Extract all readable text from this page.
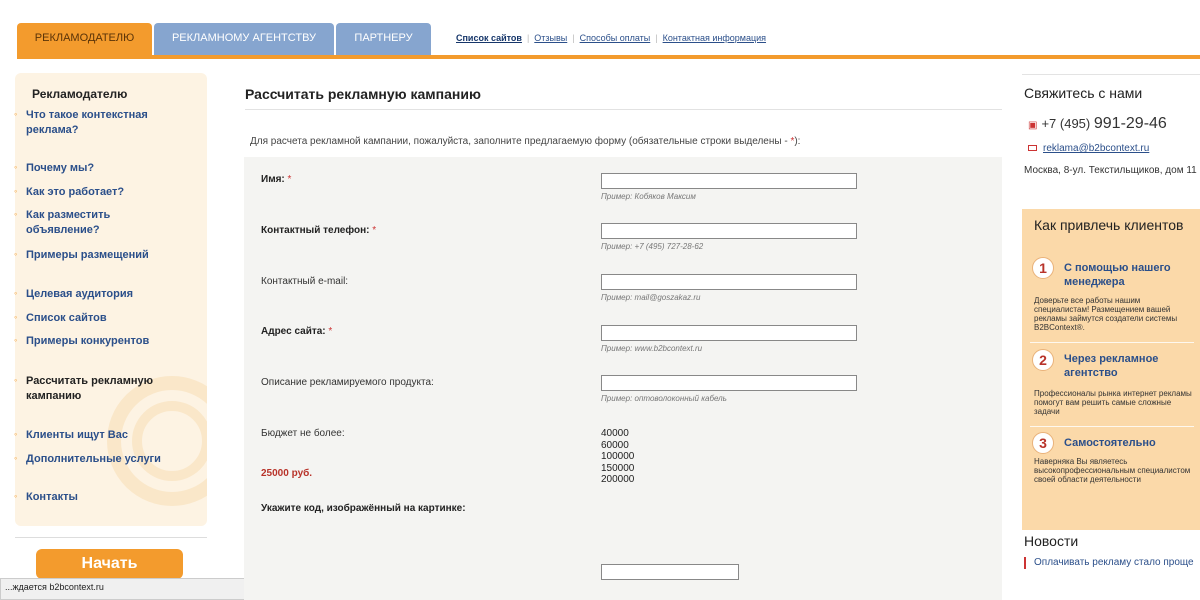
РЕКЛАМОДАТЕЛЮ	РЕКЛАМНОМУ АГЕНТСТВУ	ПАРТНЕРУ	Список сайтов | Отзывы | Способы оплаты | Контактная информация
Рекламодателю
◦ Что такое контекстная реклама?
◦ Почему мы?
◦ Как это работает?
◦ Как разместить объявление?
◦ Примеры размещений
◦ Целевая аудитория
◦ Список сайтов
◦ Примеры конкурентов
◦ Рассчитать рекламную кампанию
◦ Клиенты ищут Вас
◦ Дополнительные услуги
◦ Контакты
Начать
...ждается b2bcontext.ru
Рассчитать рекламную кампанию
Для расчета рекламной кампании, пожалуйста, заполните предлагаемую форму (обязательные строки выделены - *):
Имя: *
Пример: Кобяков Максим
Контактный телефон: *
Пример: +7 (495) 727-28-62
Контактный e-mail:
Пример: mail@goszakaz.ru
Адрес сайта: *
Пример: www.b2bcontext.ru
Описание рекламируемого продукта:
Пример: оптоволоконный кабель
Бюджет не более:	40000
60000
100000
150000
200000
25000 руб.
Укажите код, изображённый на картинке:
Свяжитесь с нами
▣ +7 (495) 991-29-46
reklama@b2bcontext.ru
Москва, 8-ул. Текстильщиков, дом 11
Как привлечь клиентов
1	С помощью нашего менеджера
Доверьте все работы нашим специалистам! Размещением вашей рекламы займутся создатели системы B2BContext®.
2	Через рекламное агентство
Профессионалы рынка интернет рекламы помогут вам решить самые сложные задачи
3	Самостоятельно
Наверняка Вы являетесь высокопрофессиональным специалистом своей области деятельности
Новости
Оплачивать рекламу стало проще
